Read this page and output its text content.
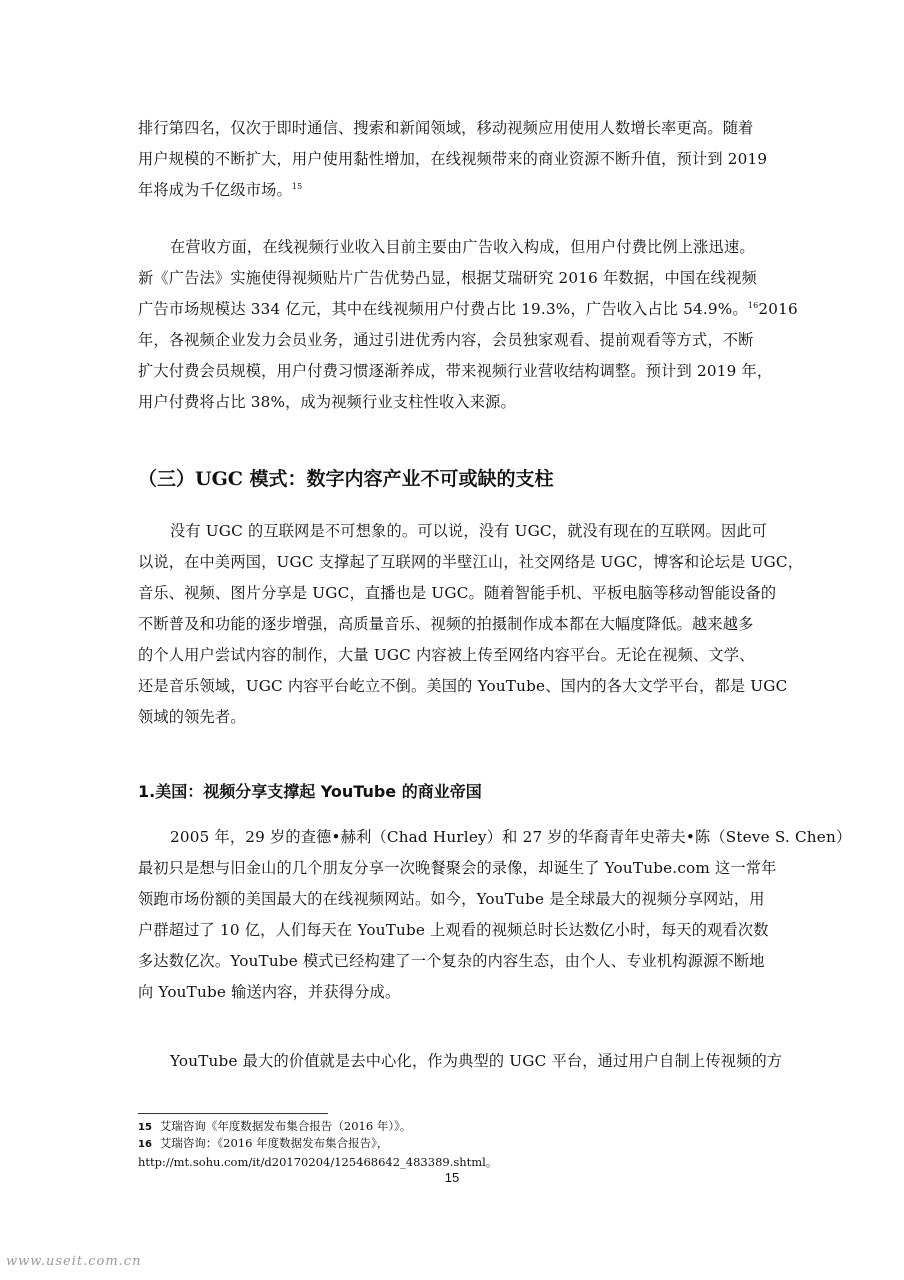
排行第四名，仅次于即时通信、搜索和新闻领域，移动视频应用使用人数增长率更高。随着
用户规模的不断扩大，用户使用黏性增加，在线视频带来的商业资源不断升值，预计到 2019
年将成为千亿级市场。$^{15}$

在营收方面，在线视频行业收入目前主要由广告收入构成，但用户付费比例上涨迅速。
新《广告法》实施使得视频贴片广告优势凸显，根据艾瑞研究 2016 年数据，中国在线视频
广告市场规模达 334 亿元，其中在线视频用户付费占比 19.3%，广告收入占比 54.9%。$^{16}$2016
年，各视频企业发力会员业务，通过引进优秀内容，会员独家观看、提前观看等方式，不断
扩大付费会员规模，用户付费习惯逐渐养成，带来视频行业营收结构调整。预计到 2019 年，
用户付费将占比 38%，成为视频行业支柱性收入来源。

（三）UGC 模式：数字内容产业不可或缺的支柱

没有 UGC 的互联网是不可想象的。可以说，没有 UGC，就没有现在的互联网。因此可
以说，在中美两国，UGC 支撑起了互联网的半壁江山，社交网络是 UGC，博客和论坛是 UGC，
音乐、视频、图片分享是 UGC，直播也是 UGC。随着智能手机、平板电脑等移动智能设备的
不断普及和功能的逐步增强，高质量音乐、视频的拍摄制作成本都在大幅度降低。越来越多
的个人用户尝试内容的制作，大量 UGC 内容被上传至网络内容平台。无论在视频、文学、
还是音乐领域，UGC 内容平台屹立不倒。美国的 YouTube、国内的各大文学平台，都是 UGC
领域的领先者。

1.美国：视频分享支撑起 YouTube 的商业帝国

2005 年，29 岁的查德•赫利（Chad Hurley）和 27 岁的华裔青年史蒂夫•陈（Steve S. Chen）
最初只是想与旧金山的几个朋友分享一次晚餐聚会的录像，却诞生了 YouTube.com 这一常年
领跑市场份额的美国最大的在线视频网站。如今，YouTube 是全球最大的视频分享网站，用
户群超过了 10 亿，人们每天在 YouTube 上观看的视频总时长达数亿小时，每天的观看次数
多达数亿次。YouTube 模式已经构建了一个复杂的内容生态，由个人、专业机构源源不断地
向 YouTube 输送内容，并获得分成。

YouTube 最大的价值就是去中心化，作为典型的 UGC 平台，通过用户自制上传视频的方

15 艾瑞咨询《年度数据发布集合报告（2016 年）》。

16 艾瑞咨询：《2016 年度数据发布集合报告》，

http://mt.sohu.com/it/d20170204/125468642_483389.shtml。

15

www.useit.com.cn
